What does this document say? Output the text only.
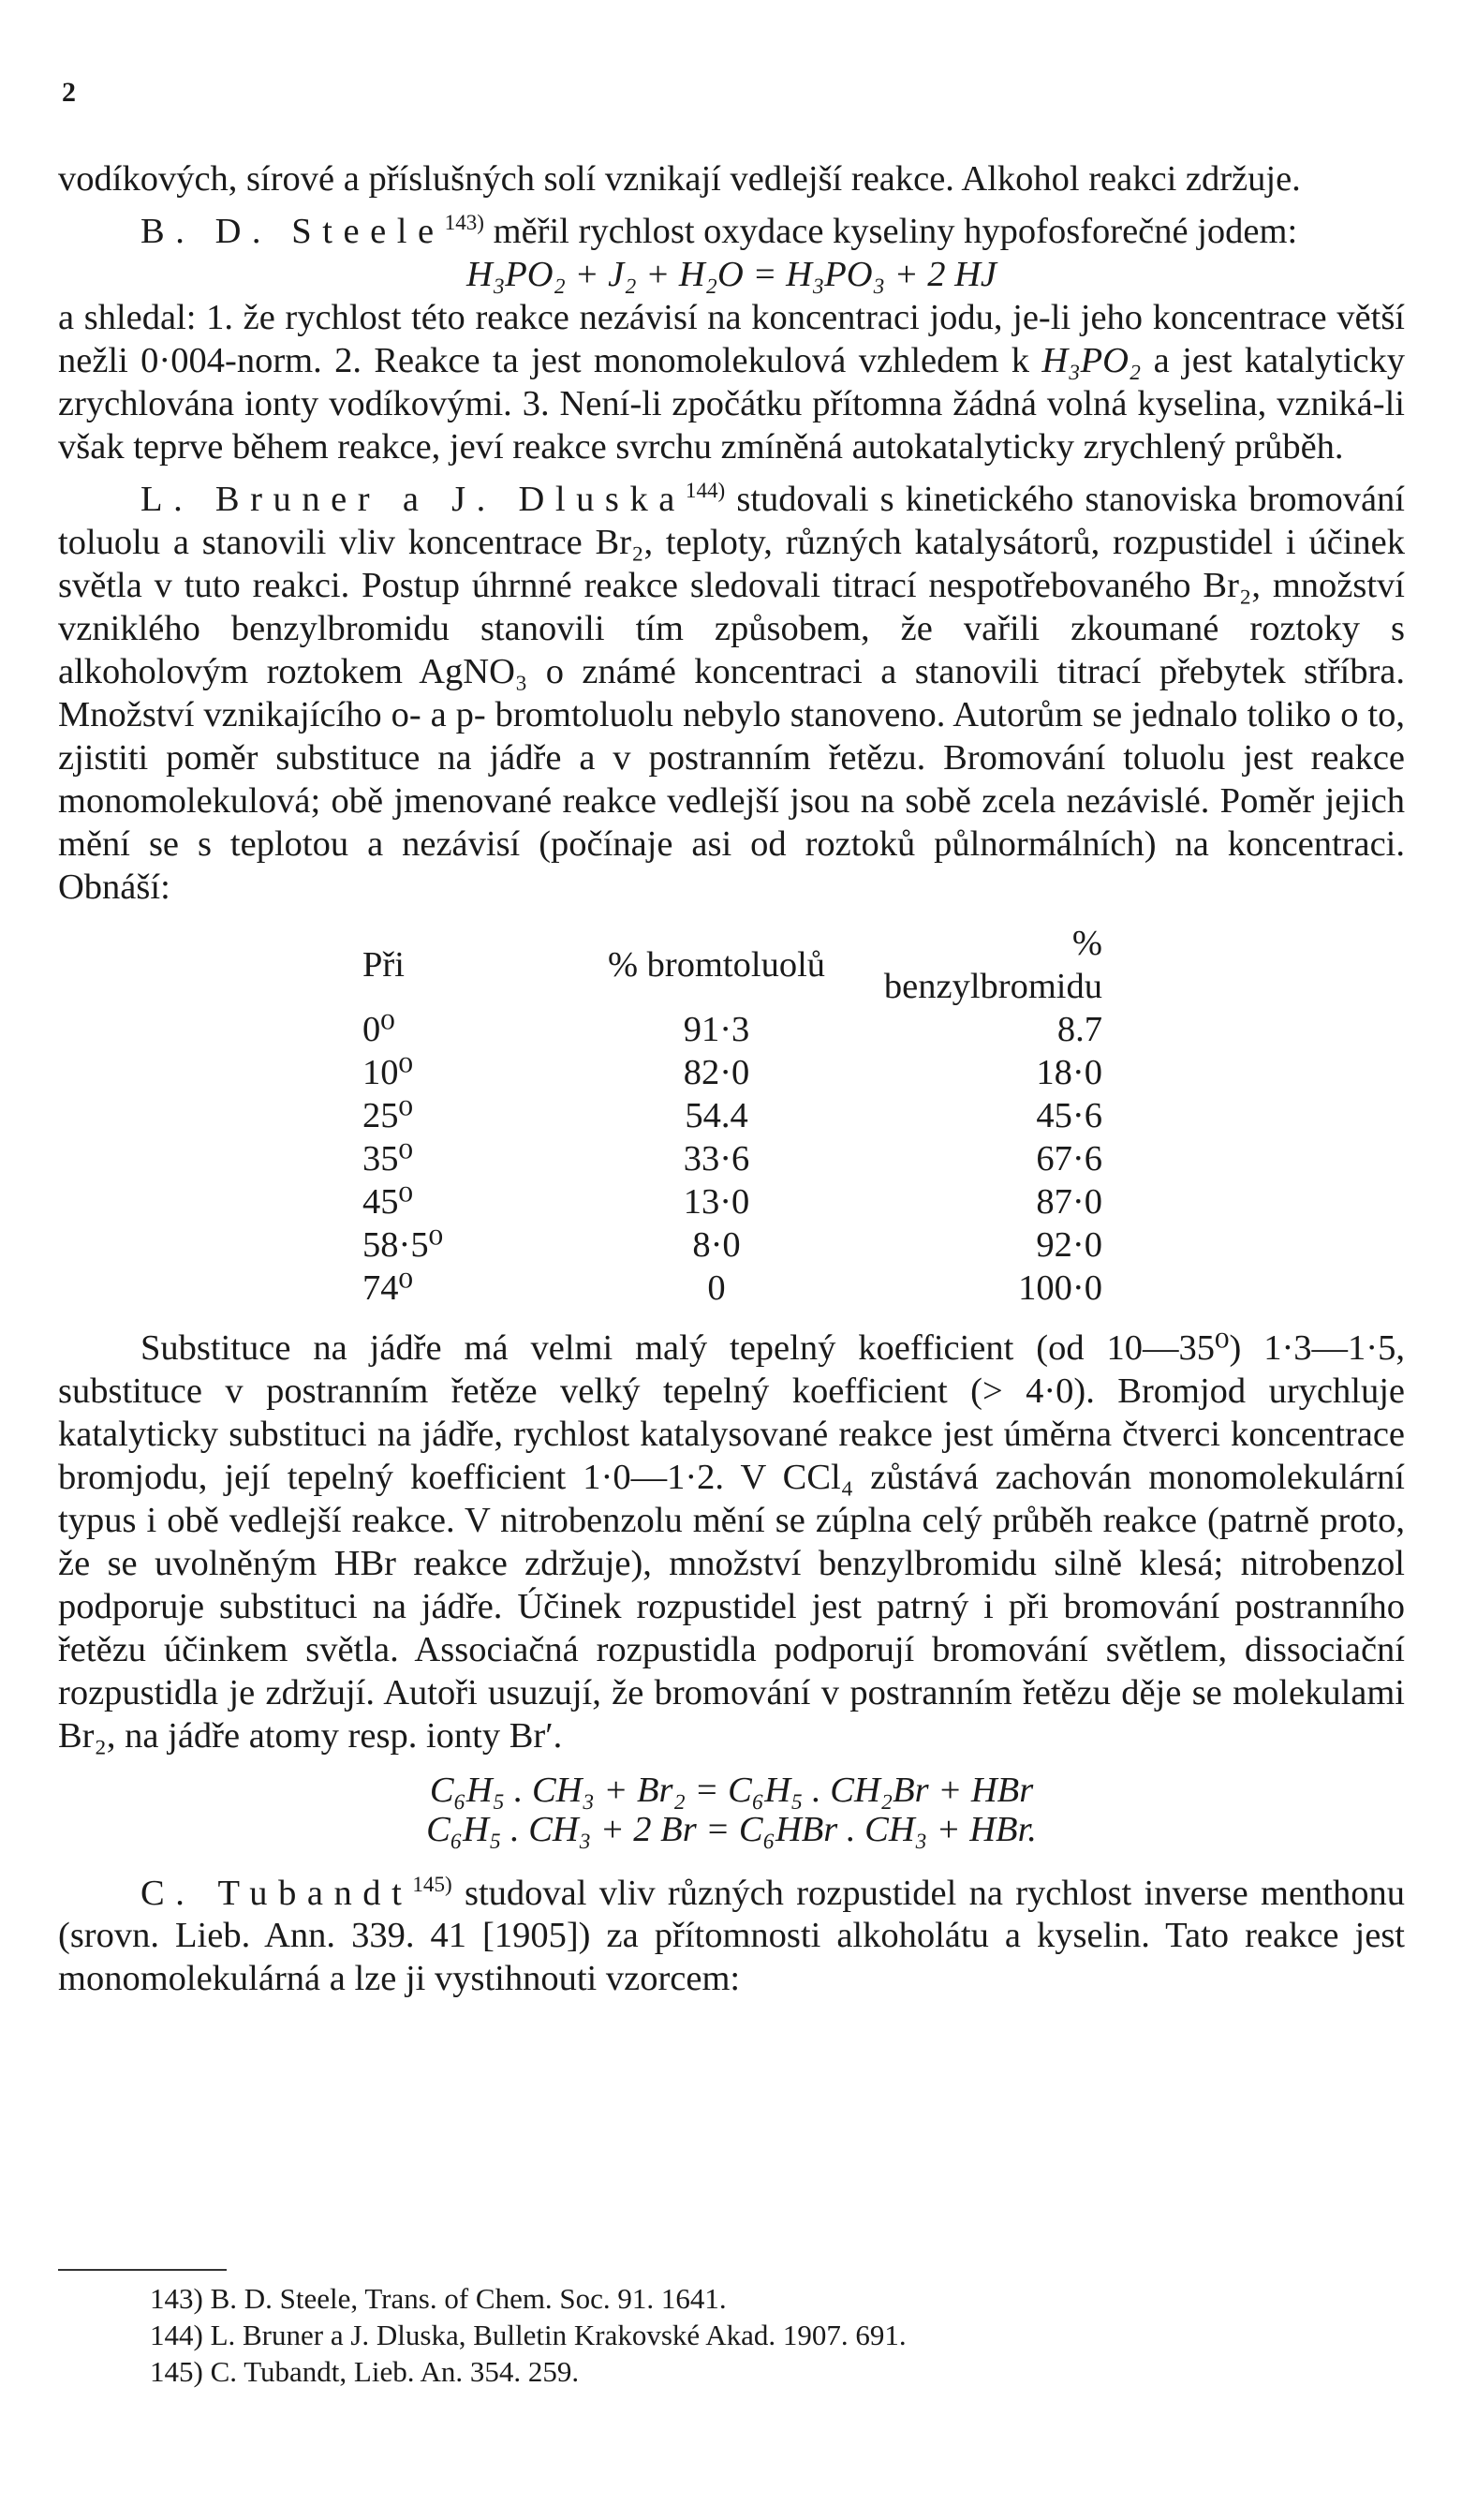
2

vodíkových, sírové a příslušných solí vznikají vedlejší reakce. Alkohol reakci zdržuje.

B. D. Steele$^{143)}$ měřil rychlost oxydace kyseliny hypofosforečné jodem:

H₃PO₂ + J₂ + H₂O = H₃PO₃ + 2 HJ

a shledal: 1. že rychlost této reakce nezávisí na koncentraci jodu, je-li jeho koncentrace větší nežli 0·004-norm. 2. Reakce ta jest monomolekulová vzhledem k H₃PO₂ a jest katalyticky zrychlována ionty vodíkovými. 3. Není-li zpočátku přítomna žádná volná kyselina, vzniká-li však teprve během reakce, jeví reakce svrchu zmíněná autokatalyticky zrychlený průběh.

L. Bruner a J. Dluska$^{144)}$ studovali s kinetického stanoviska bromování toluolu a stanovili vliv koncentrace Br₂, teploty, různých katalysátorů, rozpustidel i účinek světla v tuto reakci. Postup úhrnné reakce sledovali titrací nespotřebovaného Br₂, množství vzniklého benzylbromidu stanovili tím způsobem, že vařili zkoumané roztoky s alkoholovým roztokem AgNO₃ o známé koncentraci a stanovili titrací přebytek stříbra. Množství vznikajícího o- a p- bromtoluolu nebylo stanoveno. Autorům se jednalo toliko o to, zjistiti poměr substituce na jádře a v postranním řetězu. Bromování toluolu jest reakce monomolekulová; obě jmenované reakce vedlejší jsou na sobě zcela nezávislé. Poměr jejich mění se s teplotou a nezávisí (počínaje asi od roztoků půlnormálních) na koncentraci. Obnáší:

Při	% bromtoluolů	% benzylbromidu
0⁰	91·3	8.7
10⁰	82·0	18·0
25⁰	54.4	45·6
35⁰	33·6	67·6
45⁰	13·0	87·0
58·5⁰	8·0	92·0
74⁰	0	100·0

Substituce na jádře má velmi malý tepelný koefficient (od 10—35⁰) 1·3—1·5, substituce v postranním řetěze velký tepelný koefficient (> 4·0). Bromjod urychluje katalyticky substituci na jádře, rychlost katalysované reakce jest úměrna čtverci koncentrace bromjodu, její tepelný koefficient 1·0—1·2. V CCl₄ zůstává zachován monomolekulární typus i obě vedlejší reakce. V nitrobenzolu mění se zúplna celý průběh reakce (patrně proto, že se uvolněným HBr reakce zdržuje), množství benzylbromidu silně klesá; nitrobenzol podporuje substituci na jádře. Účinek rozpustidel jest patrný i při bromování postranního řetězu účinkem světla. Associačná rozpustidla podporují bromování světlem, dissociační rozpustidla je zdržují. Autoři usuzují, že bromování v postranním řetězu děje se molekulami Br₂, na jádře atomy resp. ionty Br′.

C₆H₅ . CH₃ + Br₂ = C₆H₅ . CH₂Br + HBr
C₆H₅ . CH₃ + 2 Br = C₆HBr . CH₃ + HBr.

C. Tubandt$^{145)}$ studoval vliv různých rozpustidel na rychlost inverse menthonu (srovn. Lieb. Ann. 339. 41 [1905]) za přítomnosti alkoholátu a kyselin. Tato reakce jest monomolekulárná a lze ji vystihnouti vzorcem:

143) B. D. Steele, Trans. of Chem. Soc. 91. 1641.
144) L. Bruner a J. Dluska, Bulletin Krakovské Akad. 1907. 691.
145) C. Tubandt, Lieb. An. 354. 259.
